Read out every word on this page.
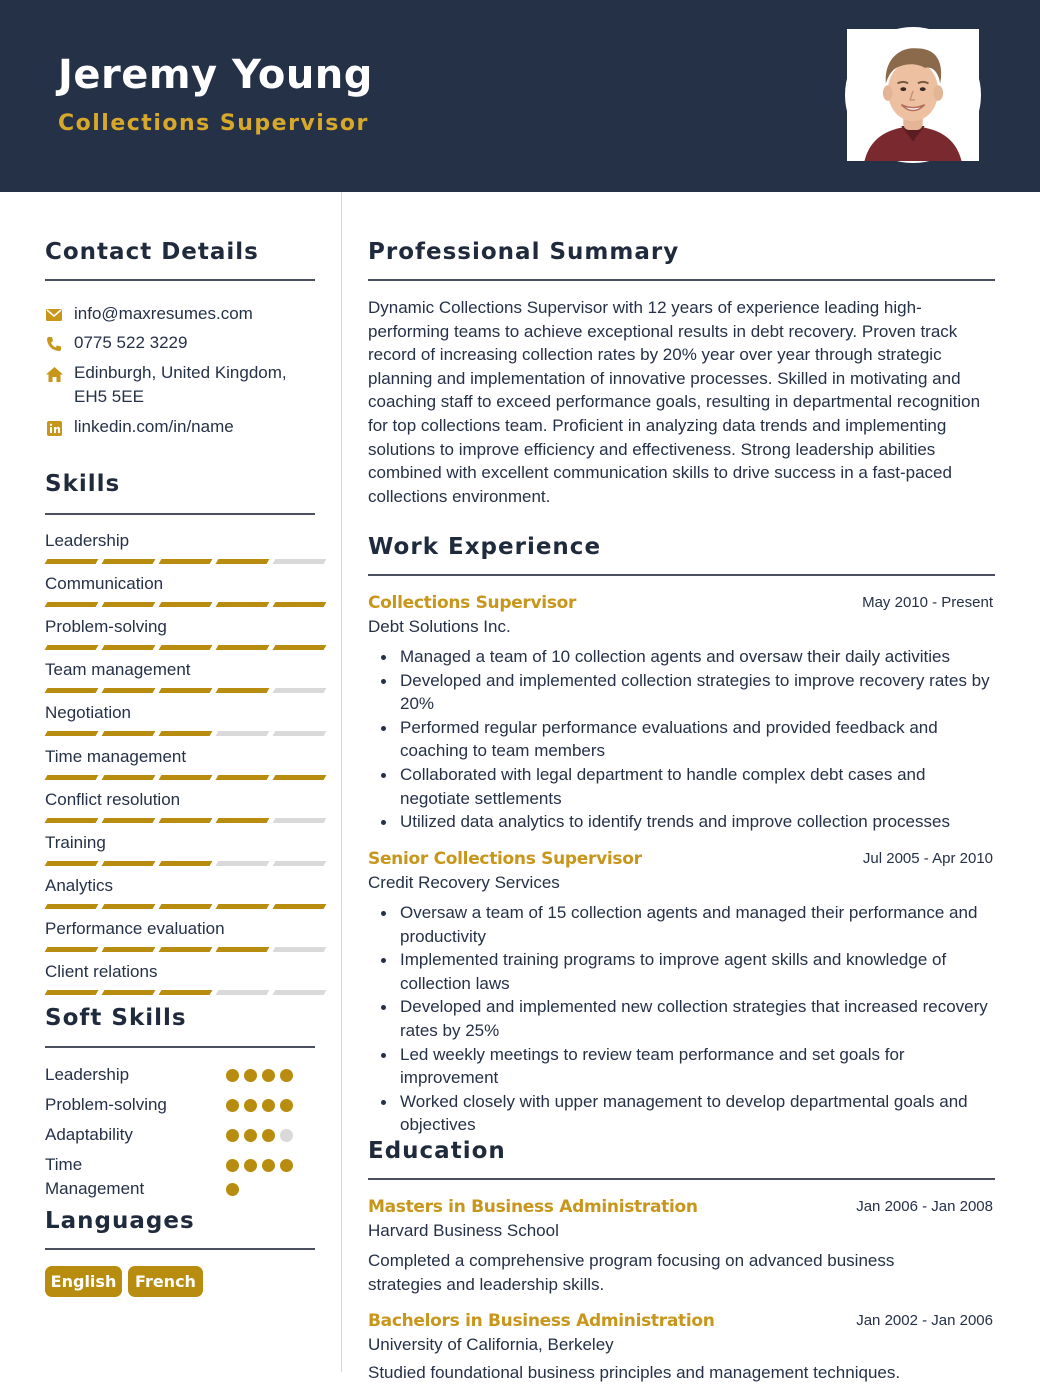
Jeremy Young
Collections Supervisor
Contact Details
info@maxresumes.com
0775 522 3229
Edinburgh, United Kingdom, EH5 5EE
linkedin.com/in/name
Skills
Leadership
Communication
Problem-solving
Team management
Negotiation
Time management
Conflict resolution
Training
Analytics
Performance evaluation
Client relations
Soft Skills
Leadership
Problem-solving
Adaptability
Time Management
Languages
English	French
Professional Summary
Dynamic Collections Supervisor with 12 years of experience leading high-performing teams to achieve exceptional results in debt recovery. Proven track record of increasing collection rates by 20% year over year through strategic planning and implementation of innovative processes. Skilled in motivating and coaching staff to exceed performance goals, resulting in departmental recognition for top collections team. Proficient in analyzing data trends and implementing solutions to improve efficiency and effectiveness. Strong leadership abilities combined with excellent communication skills to drive success in a fast-paced collections environment.
Work Experience
Collections Supervisor	May 2010 - Present
Debt Solutions Inc.
Managed a team of 10 collection agents and oversaw their daily activities
Developed and implemented collection strategies to improve recovery rates by 20%
Performed regular performance evaluations and provided feedback and coaching to team members
Collaborated with legal department to handle complex debt cases and negotiate settlements
Utilized data analytics to identify trends and improve collection processes
Senior Collections Supervisor	Jul 2005 - Apr 2010
Credit Recovery Services
Oversaw a team of 15 collection agents and managed their performance and productivity
Implemented training programs to improve agent skills and knowledge of collection laws
Developed and implemented new collection strategies that increased recovery rates by 25%
Led weekly meetings to review team performance and set goals for improvement
Worked closely with upper management to develop departmental goals and objectives
Education
Masters in Business Administration	Jan 2006 - Jan 2008
Harvard Business School
Completed a comprehensive program focusing on advanced business strategies and leadership skills.
Bachelors in Business Administration	Jan 2002 - Jan 2006
University of California, Berkeley
Studied foundational business principles and management techniques.
